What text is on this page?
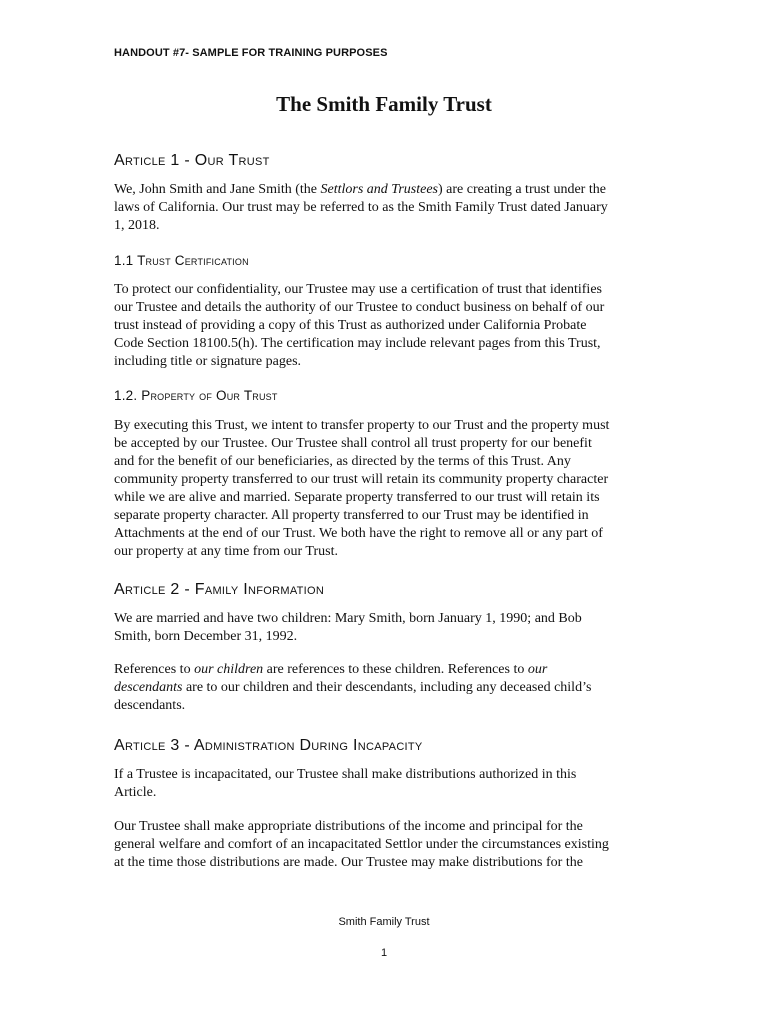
HANDOUT #7- SAMPLE FOR TRAINING PURPOSES
The Smith Family Trust
Article 1 - Our Trust
We, John Smith and Jane Smith (the Settlors and Trustees) are creating a trust under the
laws of California. Our trust may be referred to as the Smith Family Trust dated January
1, 2018.
1.1 Trust Certification
To protect our confidentiality, our Trustee may use a certification of trust that identifies
our Trustee and details the authority of our Trustee to conduct business on behalf of our
trust instead of providing a copy of this Trust as authorized under California Probate
Code Section 18100.5(h). The certification may include relevant pages from this Trust,
including title or signature pages.
1.2. Property of Our Trust
By executing this Trust, we intent to transfer property to our Trust and the property must
be accepted by our Trustee. Our Trustee shall control all trust property for our benefit
and for the benefit of our beneficiaries, as directed by the terms of this Trust. Any
community property transferred to our trust will retain its community property character
while we are alive and married. Separate property transferred to our trust will retain its
separate property character. All property transferred to our Trust may be identified in
Attachments at the end of our Trust. We both have the right to remove all or any part of
our property at any time from our Trust.
Article 2 - Family Information
We are married and have two children: Mary Smith, born January 1, 1990; and Bob
Smith, born December 31, 1992.
References to our children are references to these children. References to our
descendants are to our children and their descendants, including any deceased child’s
descendants.
Article 3 - Administration During Incapacity
If a Trustee is incapacitated, our Trustee shall make distributions authorized in this
Article.
Our Trustee shall make appropriate distributions of the income and principal for the
general welfare and comfort of an incapacitated Settlor under the circumstances existing
at the time those distributions are made. Our Trustee may make distributions for the
Smith Family Trust
1
